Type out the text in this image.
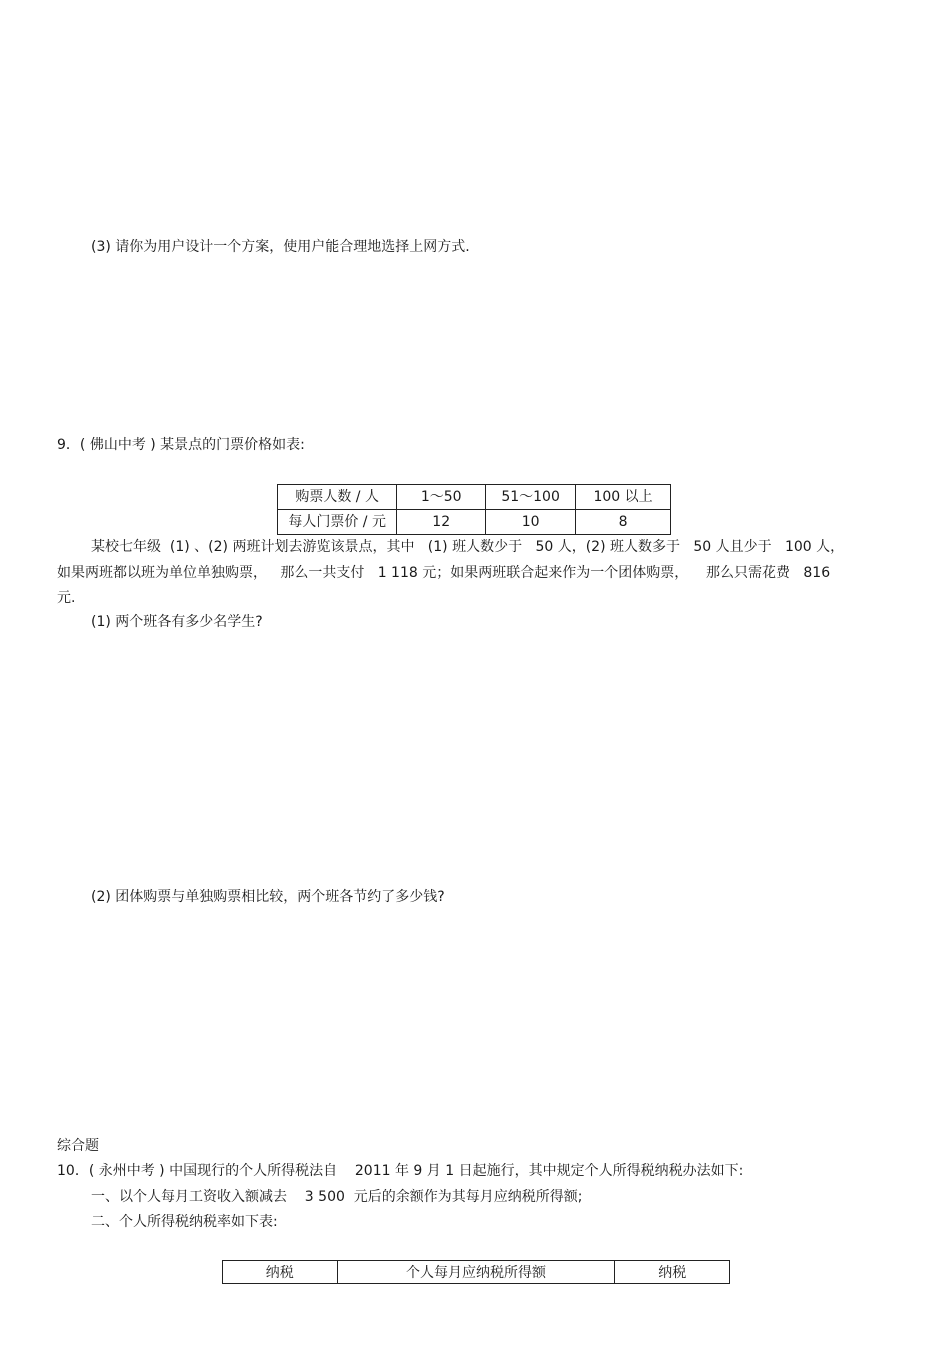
(3) 请你为用户设计一个方案，使用户能合理地选择上网方式.
9．( 佛山中考 ) 某景点的门票价格如表:
购票人数 / 人	1～50	51～100	100 以上
每人门票价 / 元	12	10	8
某校七年级  (1) 、(2) 两班计划去游览该景点，其中   (1) 班人数少于   50 人，(2) 班人数多于   50 人且少于   100 人，
如果两班都以班为单位单独购票，   那么一共支付   1 118 元；如果两班联合起来作为一个团体购票，    那么只需花费   816
元.
(1) 两个班各有多少名学生?
(2) 团体购票与单独购票相比较，两个班各节约了多少钱?
综合题
10．( 永州中考 ) 中国现行的个人所得税法自    2011 年 9 月 1 日起施行，其中规定个人所得税纳税办法如下:
一、以个人每月工资收入额减去    3 500  元后的余额作为其每月应纳税所得额;
二、个人所得税纳税率如下表:
纳税	个人每月应纳税所得额	纳税
